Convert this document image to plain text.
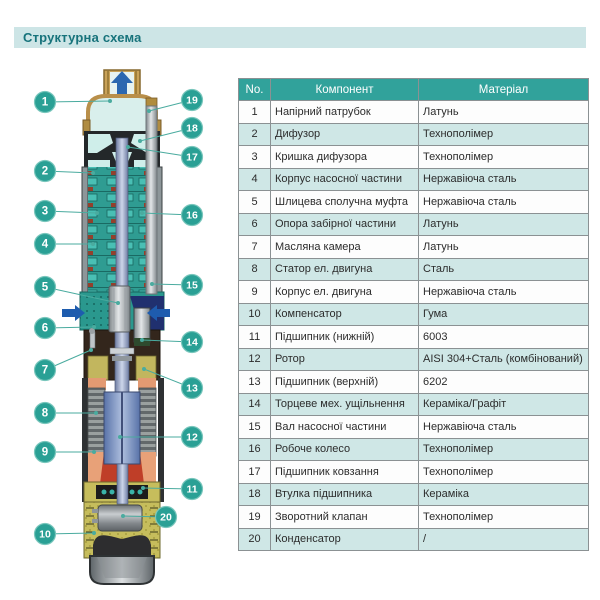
Структурна схема
1
2
3
4
5
6
7
8
9
10
19
18
17
16
15
14
13
12
11
20
No.	Компонент	Матеріал
1	Напірний патрубок	Латунь
2	Дифузор	Технополімер
3	Кришка дифузора	Технополімер
4	Корпус насосної частини	Нержавіюча сталь
5	Шлицева сполучна муфта	Нержавіюча сталь
6	Опора забірної частини	Латунь
7	Масляна камера	Латунь
8	Статор ел. двигуна	Сталь
9	Корпус ел. двигуна	Нержавіюча сталь
10	Компенсатор	Гума
11	Підшипник (нижній)	6003
12	Ротор	AISI 304+Сталь (комбінований)
13	Підшипник (верхній)	6202
14	Торцеве мех. ущільнення	Кераміка/Графіт
15	Вал насосної частини	Нержавіюча сталь
16	Робоче колесо	Технополімер
17	Підшипник ковзання	Технополімер
18	Втулка підшипника	Кераміка
19	Зворотний клапан	Технополімер
20	Конденсатор	/
